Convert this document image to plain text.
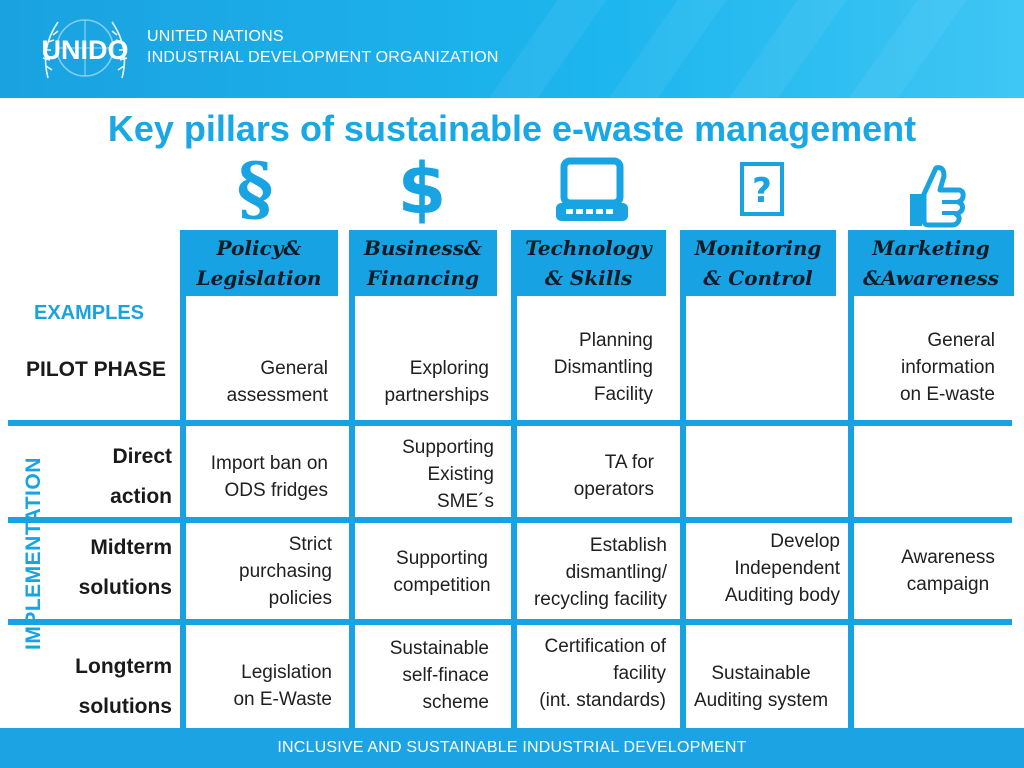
UNIDO UNITED NATIONS
INDUSTRIAL DEVELOPMENT ORGANIZATION
Key pillars of sustainable e-waste management
§ $	?
Policy&
Legislation
Business&
Financing
Technology
& Skills
Monitoring
& Control
Marketing
&Awareness
EXAMPLES
PILOT PHASE
IMPLEMENTATION
Direct
action
Midterm
solutions
Longterm
solutions
General
assessment
Exploring
partnerships
Planning
Dismantling
Facility
General
information
on E-waste
Import ban on
ODS fridges
Supporting
Existing
SME´s
TA for
operators
Strict
purchasing
policies
Supporting
competition
Establish
dismantling/
recycling facility
Develop
Independent
Auditing body
Awareness
campaign
Legislation
on E-Waste
Sustainable
self-finace
scheme
Certification of
facility
(int. standards)
Sustainable
Auditing system
INCLUSIVE AND SUSTAINABLE INDUSTRIAL DEVELOPMENT
